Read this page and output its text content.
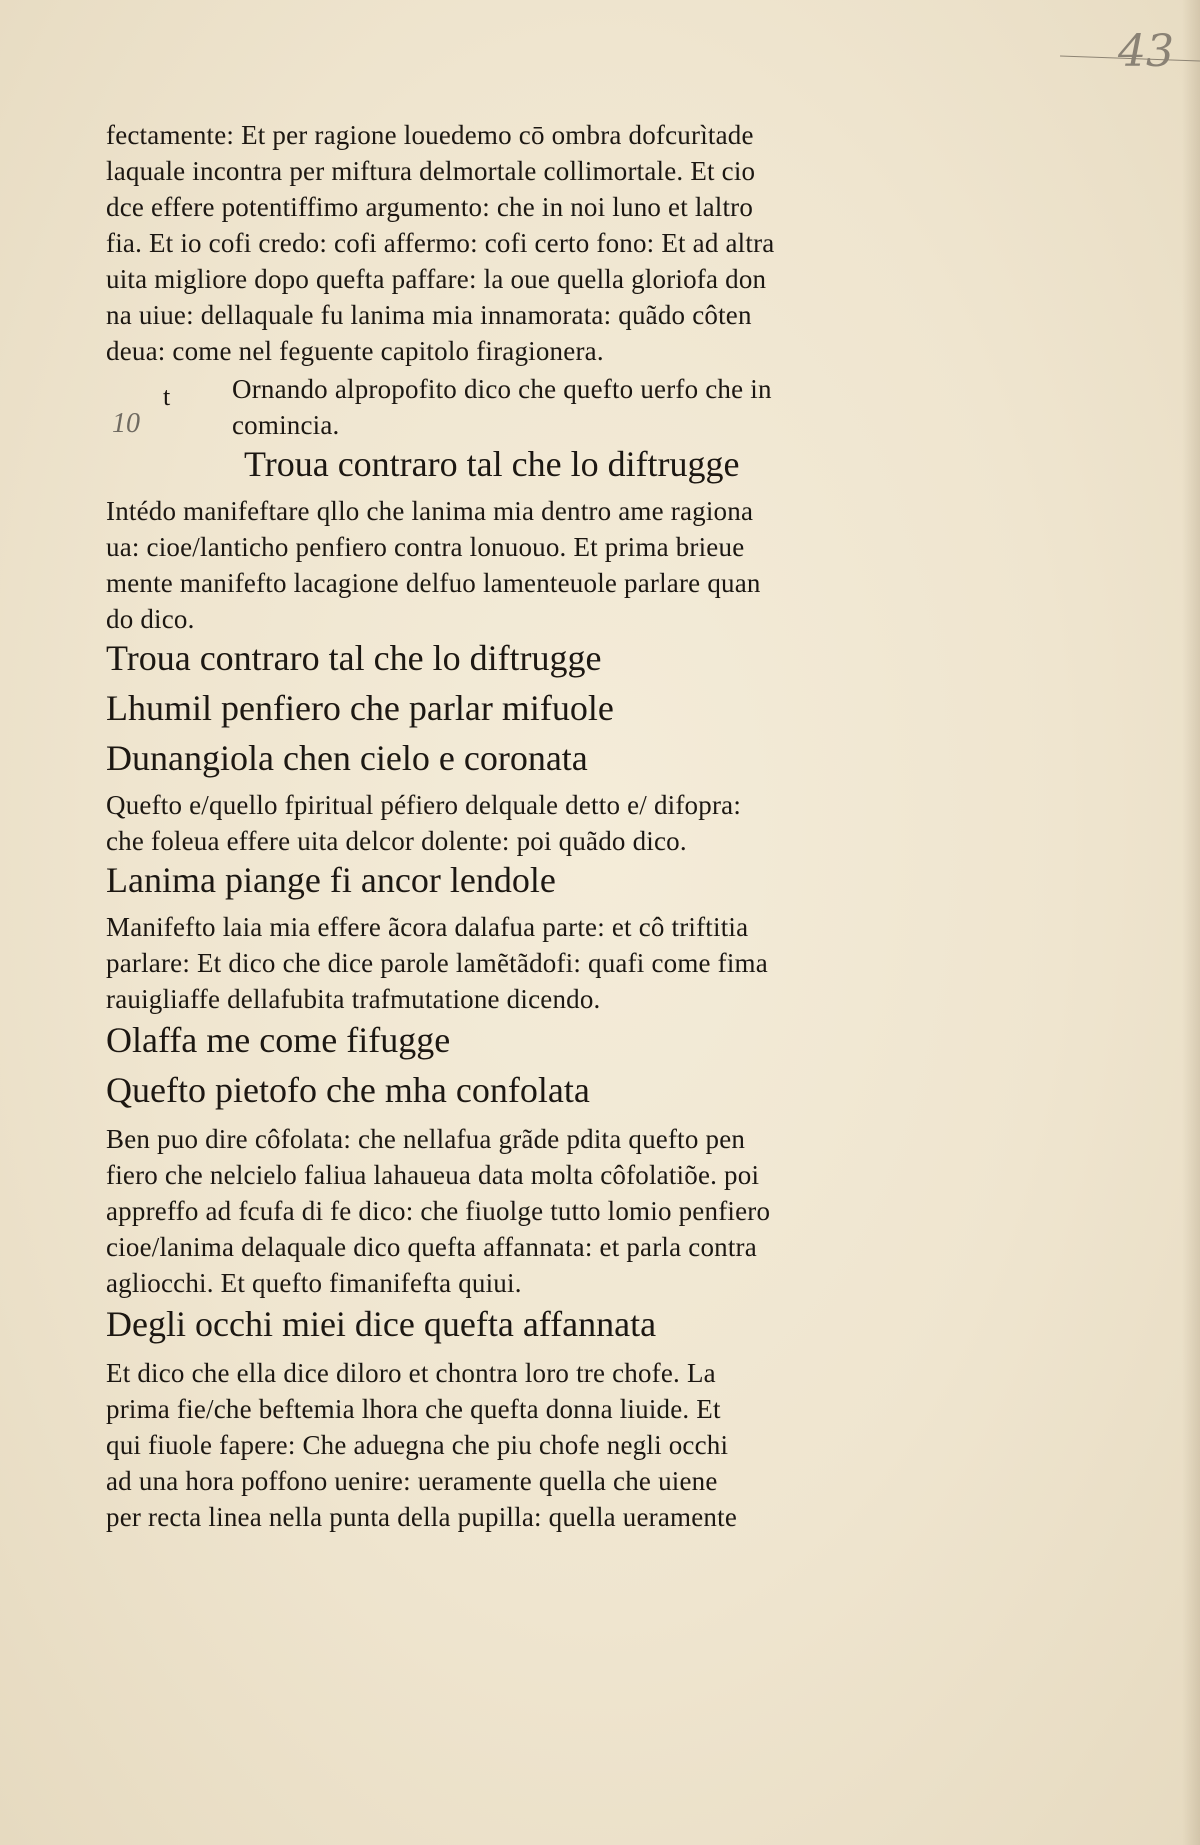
43
t
10
fectamente: Et per ragione louedemo cō ombra dofcurìtade
laquale incontra per miftura delmortale collimortale. Et cio
dce effere potentiffimo argumento: che in noi luno et laltro
fia. Et io cofi credo: cofi affermo: cofi certo fono: Et ad altra
uita migliore dopo quefta paffare: la oue quella gloriofa don
na uiue: dellaquale fu lanima mia innamorata: quãdo côten
deua: come nel feguente capitolo firagionera.
Ornando alpropofito dico che quefto uerfo che in
comincia.
Troua contraro tal che lo diftrugge
Intédo manifeftare qllo che lanima mia dentro ame ragiona
ua: cioe/lanticho penfiero contra lonuouo. Et prima brieue
mente manifefto lacagione delfuo lamenteuole parlare quan
do dico.
Troua contraro tal che lo diftrugge
Lhumil penfiero che parlar mifuole
Dunangiola chen cielo e coronata
Quefto e/quello fpiritual péfiero delquale detto e/ difopra:
che foleua effere uita delcor dolente: poi quãdo dico.
Lanima piange fi ancor lendole
Manifefto laia mia effere ãcora dalafua parte: et cô triftitia
parlare: Et dico che dice parole lamẽtãdofi: quafi come fima
rauigliaffe dellafubita trafmutatione dicendo.
Olaffa me come fifugge
Quefto pietofo che mha confolata
Ben puo dire côfolata: che nellafua grãde pdita quefto pen
fiero che nelcielo faliua lahaueua data molta côfolatiõe. poi
appreffo ad fcufa di fe dico: che fiuolge tutto lomio penfiero
cioe/lanima delaquale dico quefta affannata: et parla contra
agliocchi. Et quefto fimanifefta quiui.
Degli occhi miei dice quefta affannata
Et dico che ella dice diloro et chontra loro tre chofe. La
prima fie/che beftemia lhora che quefta donna liuide. Et
qui fiuole fapere: Che aduegna che piu chofe negli occhi
ad una hora poffono uenire: ueramente quella che uiene
per recta linea nella punta della pupilla: quella ueramente
